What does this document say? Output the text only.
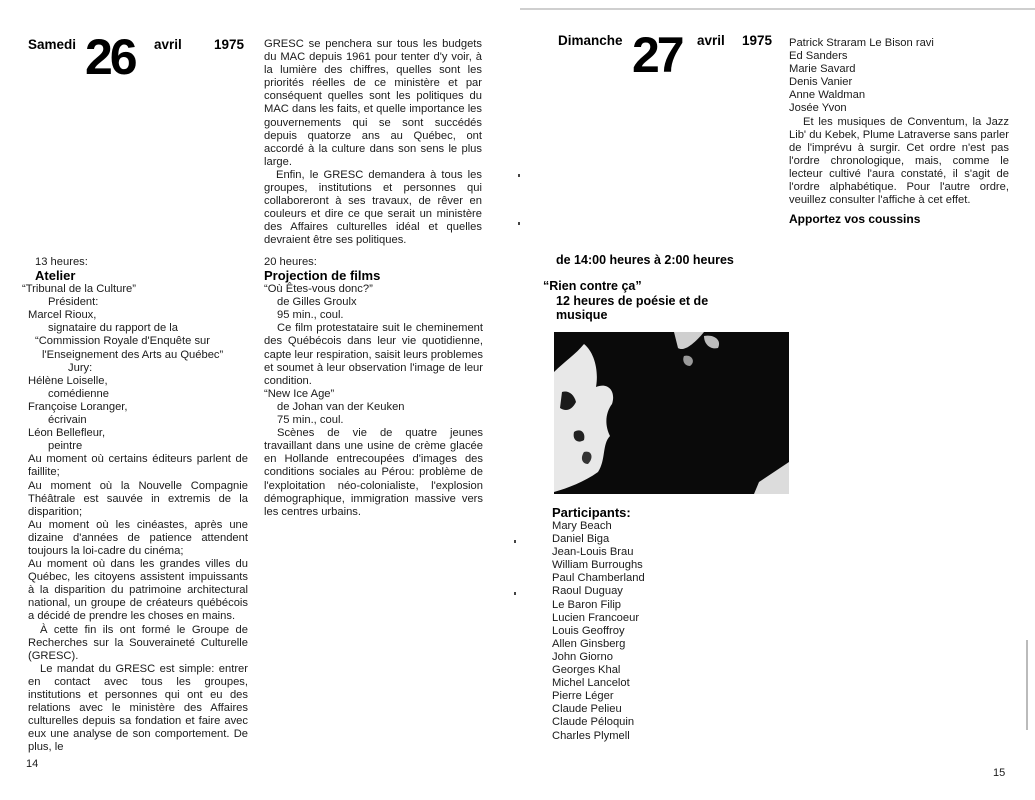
Samedi 26 avril 1975 GRESC se penchera sur tous les budgets du MAC depuis 1961 pour tenter d'y voir, à la lumière des chiffres, quelles sont les priorités réelles de ce ministère et par conséquent quelles sont les politiques du MAC dans les faits, et quelle importance les gouvernements qui se sont succédés depuis quatorze ans au Québec, ont accordé à la culture dans son sens le plus large.

Enfin, le GRESC demandera à tous les groupes, institutions et personnes qui collaboreront à ses travaux, de rêver en couleurs et dire ce que serait un ministère des Affaires culturelles idéal et quelles devraient être ses politiques.

13 heures:

Atelier

“Tribunal de la Culture”

Président:

Marcel Rioux,

signataire du rapport de la

“Commission Royale d'Enquête sur

l'Enseignement des Arts au Québec”

Jury:

Hélène Loiselle,

comédienne

Françoise Loranger,

écrivain

Léon Bellefleur,

peintre

Au moment où certains éditeurs parlent de faillite;

Au moment où la Nouvelle Compagnie Théâtrale est sauvée in extremis de la disparition;

Au moment où les cinéastes, après une dizaine d'années de patience attendent toujours la loi-cadre du cinéma;

Au moment où dans les grandes villes du Québec, les citoyens assistent impuissants à la disparition du patrimoine architectural national, un groupe de créateurs québécois a décidé de prendre les choses en mains.

À cette fin ils ont formé le Groupe de Recherches sur la Souveraineté Culturelle (GRESC).

Le mandat du GRESC est simple: entrer en contact avec tous les groupes, institutions et personnes qui ont eu des relations avec le ministère des Affaires culturelles depuis sa fondation et faire avec eux une analyse de son comportement. De plus, le

20 heures:

Projection de films

“Où Êtes-vous donc?”

de Gilles Groulx

95 min., coul.

Ce film protestataire suit le cheminement des Québécois dans leur vie quotidienne, capte leur respiration, saisit leurs problemes et soumet à leur observation l'image de leur condition.

“New Ice Age”

de Johan van der Keuken

75 min., coul.

Scènes de vie de quatre jeunes travaillant dans une usine de crème glacée en Hollande entrecoupées d'images des conditions sociales au Pérou: problème de l'exploitation néo-colonialiste, l'explosion démographique, immigration massive vers les centres urbains.

14
Dimanche 27 avril 1975 Patrick Straram Le Bison ravi

Ed Sanders

Marie Savard

Denis Vanier

Anne Waldman

Josée Yvon

Et les musiques de Conventum, la Jazz Lib' du Kebek, Plume Latraverse sans parler de l'imprévu à surgir. Cet ordre n'est pas l'ordre chronologique, mais, comme le lecteur cultivé l'aura constaté, il s'agit de l'ordre alphabétique. Pour l'autre ordre, veuillez consulter l'affiche à cet effet.

Apportez vos coussins

de 14:00 heures à 2:00 heures
“Rien contre ça”
12 heures de poésie et de
musique
Participants:

Mary Beach

Daniel Biga

Jean-Louis Brau

William Burroughs

Paul Chamberland

Raoul Duguay

Le Baron Filip

Lucien Francoeur

Louis Geoffroy

Allen Ginsberg

John Giorno

Georges Khal

Michel Lancelot

Pierre Léger

Claude Pelieu

Claude Péloquin

Charles Plymell

15
